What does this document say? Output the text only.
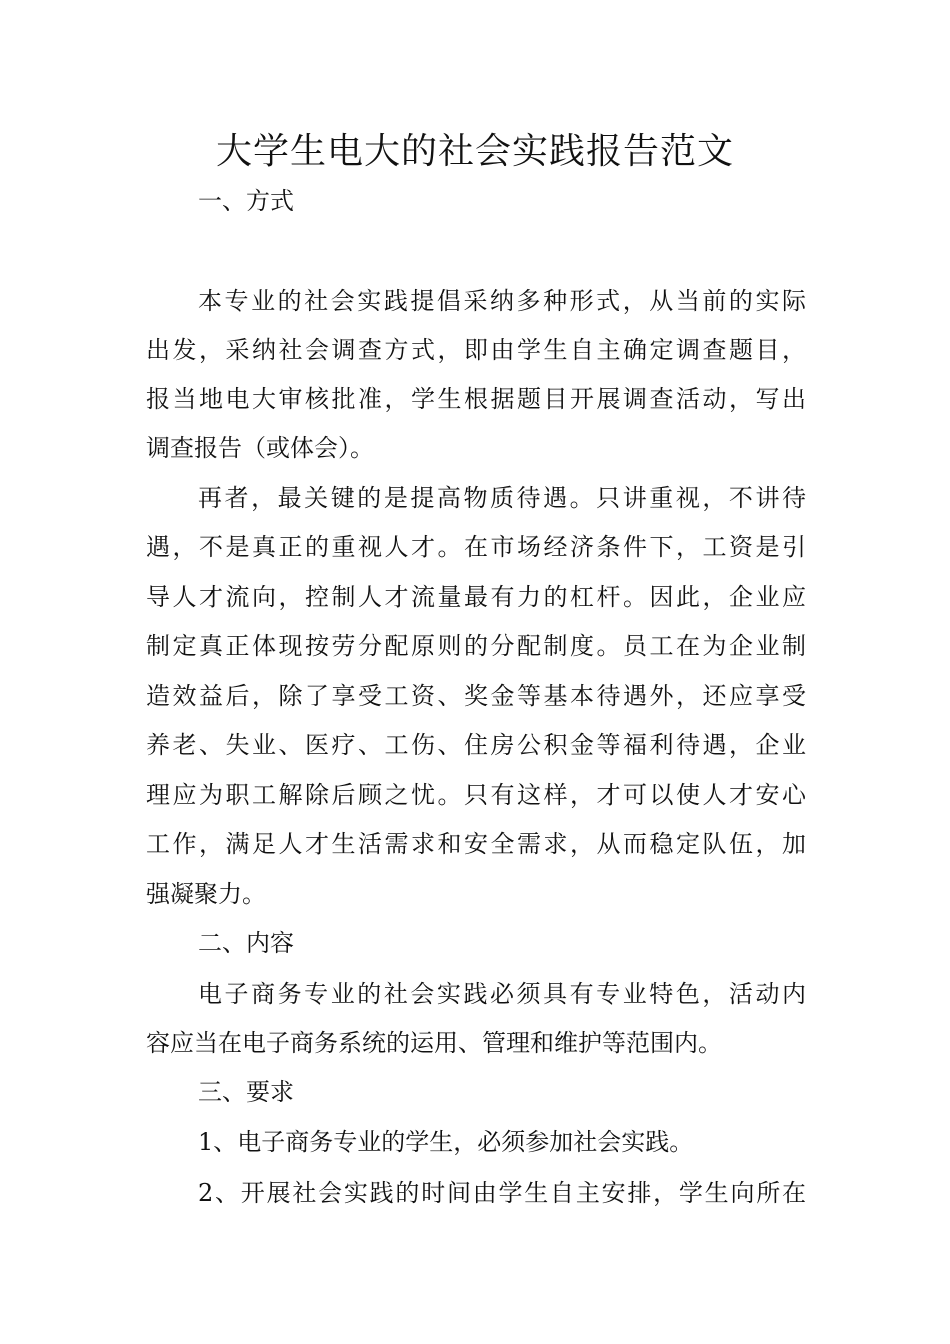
大学生电大的社会实践报告范文

一、方式

本专业的社会实践提倡采纳多种形式，从当前的实际

出发，采纳社会调查方式，即由学生自主确定调查题目，

报当地电大审核批准，学生根据题目开展调查活动，写出

调查报告（或体会）。

再者，最关键的是提高物质待遇。只讲重视，不讲待

遇，不是真正的重视人才。在市场经济条件下，工资是引

导人才流向，控制人才流量最有力的杠杆。因此，企业应

制定真正体现按劳分配原则的分配制度。员工在为企业制

造效益后，除了享受工资、奖金等基本待遇外，还应享受

养老、失业、医疗、工伤、住房公积金等福利待遇，企业

理应为职工解除后顾之忧。只有这样，才可以使人才安心

工作，满足人才生活需求和安全需求，从而稳定队伍，加

强凝聚力。

二、内容

电子商务专业的社会实践必须具有专业特色，活动内

容应当在电子商务系统的运用、管理和维护等范围内。

三、要求

1、电子商务专业的学生，必须参加社会实践。

2、开展社会实践的时间由学生自主安排，学生向所在
